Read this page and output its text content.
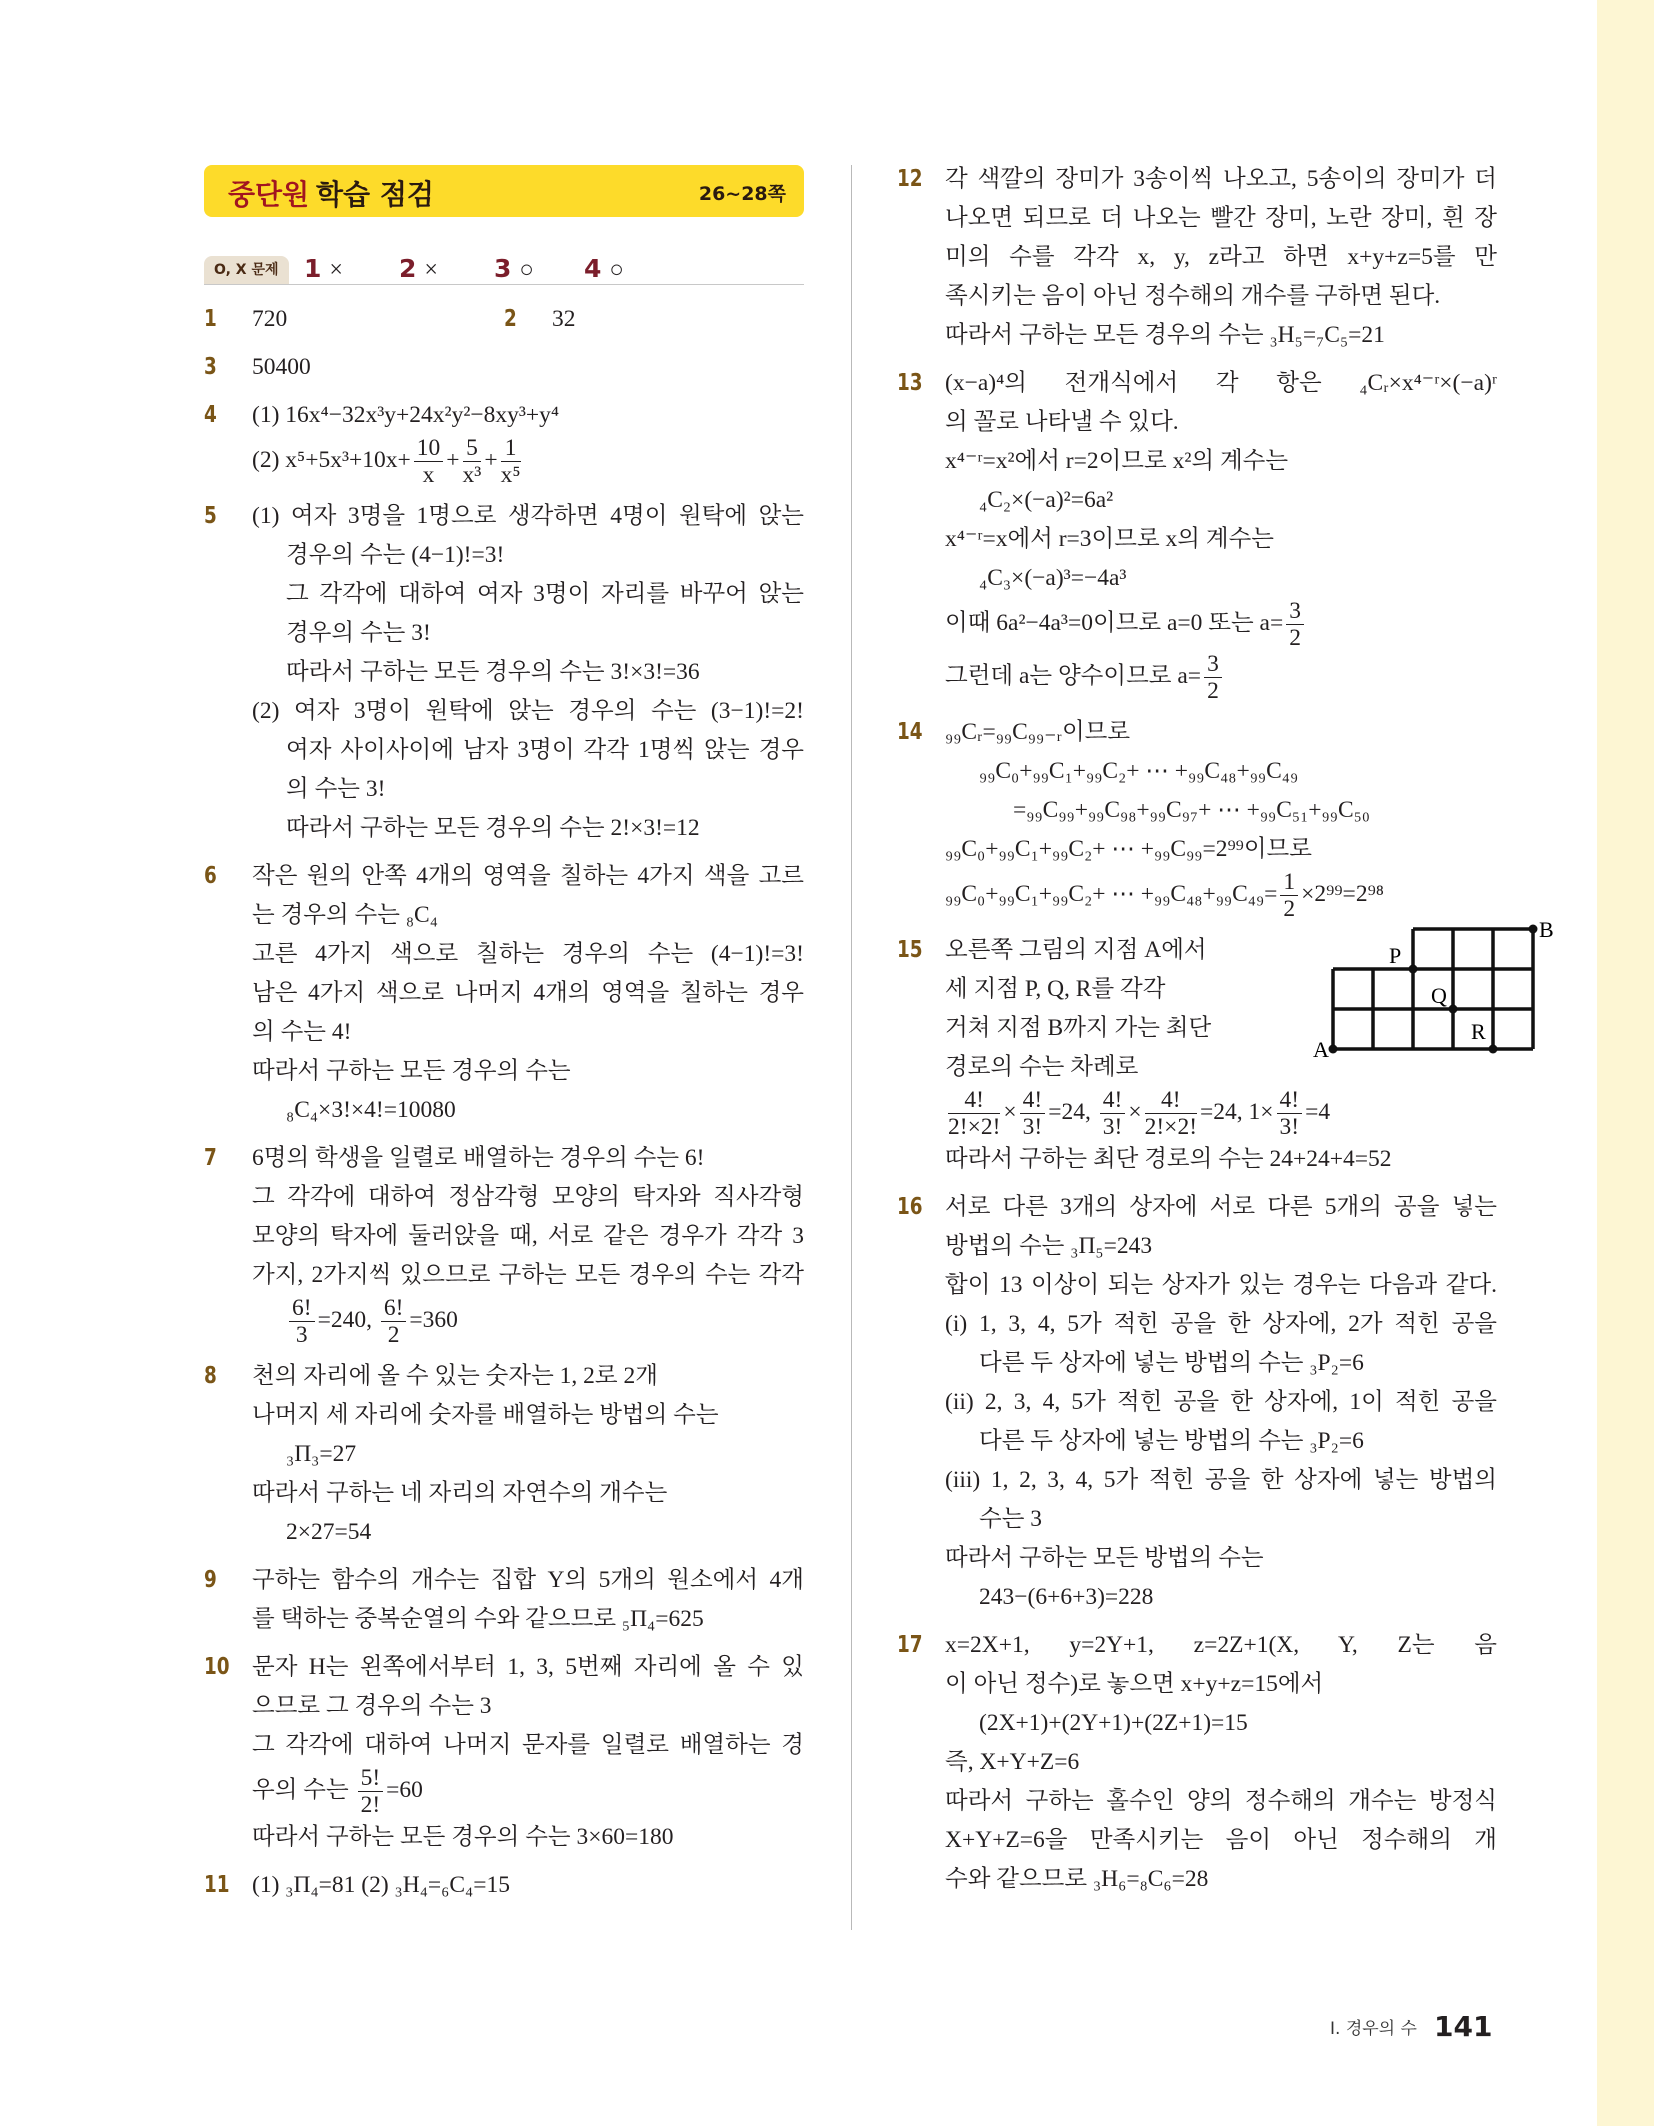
중단원 학습 점검	26~28쪽
O, X 문제	1 × 2 × 3 ○ 4 ○
1 720	2 32
3 50400
4 (1) 16x⁴−32x³y+24x²y²−8xy³+y⁴
(2) $x^5+5x^3+10x+ \frac{10}{x} + \frac{5}{\text{x³}} + \frac{1}{\text{x⁵}}$
5 (1) 여자 3명을 1명으로 생각하면 4명이 원탁에 앉는
경우의 수는 (4−1)!=3!
그 각각에 대하여 여자 3명이 자리를 바꾸어 앉는
경우의 수는 3!
따라서 구하는 모든 경우의 수는 3!×3!=36
(2) 여자 3명이 원탁에 앉는 경우의 수는 (3−1)!=2!
여자 사이사이에 남자 3명이 각각 1명씩 앉는 경우
의 수는 3!
따라서 구하는 모든 경우의 수는 2!×3!=12
6 작은 원의 안쪽 4개의 영역을 칠하는 4가지 색을 고르
는 경우의 수는 ₈C₄
고른 4가지 색으로 칠하는 경우의 수는 (4−1)!=3!
남은 4가지 색으로 나머지 4개의 영역을 칠하는 경우
의 수는 4!
따라서 구하는 모든 경우의 수는
₈C₄×3!×4!=10080
7 6명의 학생을 일렬로 배열하는 경우의 수는 6!
그 각각에 대하여 정삼각형 모양의 탁자와 직사각형
모양의 탁자에 둘러앉을 때, 서로 같은 경우가 각각 3
가지, 2가지씩 있으므로 구하는 모든 경우의 수는 각각
$\frac{6!}{3} =240$, $\frac{6!}{2} =360$
8 천의 자리에 올 수 있는 숫자는 1, 2로 2개
나머지 세 자리에 숫자를 배열하는 방법의 수는
₃Π₃=27
따라서 구하는 네 자리의 자연수의 개수는
2×27=54
9 구하는 함수의 개수는 집합 Y의 5개의 원소에서 4개
를 택하는 중복순열의 수와 같으므로 ₅Π₄=625
10 문자 H는 왼쪽에서부터 1, 3, 5번째 자리에 올 수 있
으므로 그 경우의 수는 3
그 각각에 대하여 나머지 문자를 일렬로 배열하는 경
우의 수는 $\frac{5!}{2!} =60$
따라서 구하는 모든 경우의 수는 3×60=180
11 (1) ₃Π₄=81 (2) ₃H₄=₆C₄=15
12 각 색깔의 장미가 3송이씩 나오고, 5송이의 장미가 더
나오면 되므로 더 나오는 빨간 장미, 노란 장미, 흰 장
미의 수를 각각 x, y, z라고 하면 x+y+z=5를 만
족시키는 음이 아닌 정수해의 개수를 구하면 된다.
따라서 구하는 모든 경우의 수는 ₃H₅=₇C₅=21
13 (x−a)⁴의 전개식에서 각 항은 ₄Cᵣ×x⁴⁻ʳ×(−a)ʳ
의 꼴로 나타낼 수 있다.
x⁴⁻ʳ=x²에서 r=2이므로 x²의 계수는
₄C₂×(−a)²=6a²
x⁴⁻ʳ=x에서 r=3이므로 x의 계수는
₄C₃×(−a)³=−4a³
이때 6a²−4a³=0이므로 a=0 또는 $a= \frac{3}{2}$
그런데 a는 양수이므로 $a= \frac{3}{2}$
14 ₉₉Cᵣ=₉₉C₉₉₋ᵣ이므로
₉₉C₀+₉₉C₁+₉₉C₂+ ⋯ +₉₉C₄₈+₉₉C₄₉
=₉₉C₉₉+₉₉C₉₈+₉₉C₉₇+ ⋯ +₉₉C₅₁+₉₉C₅₀
₉₉C₀+₉₉C₁+₉₉C₂+ ⋯ +₉₉C₉₉=2⁹⁹이므로
₉₉C₀+₉₉C₁+₉₉C₂+ ⋯ $+_{99}C_{48}+_{99}C_{49}= \frac{1}{2} \times 2^{99}=2^{98}$
15 오른쪽 그림의 지점 A에서
세 지점 P, Q, R를 각각
거쳐 지점 B까지 가는 최단
경로의 수는 차례로
$\frac{4!}{2!\times 2!} \times \frac{4!}{3!} =24$, $\frac{4!}{3!} \times \frac{4!}{2!\times 2!} =24$, $1\times \frac{4!}{3!} =4$
따라서 구하는 최단 경로의 수는 24+24+4=52
A
B
P
Q
R
16 서로 다른 3개의 상자에 서로 다른 5개의 공을 넣는
방법의 수는 ₃Π₅=243
합이 13 이상이 되는 상자가 있는 경우는 다음과 같다.
(i) 1, 3, 4, 5가 적힌 공을 한 상자에, 2가 적힌 공을
다른 두 상자에 넣는 방법의 수는 ₃P₂=6
(ii) 2, 3, 4, 5가 적힌 공을 한 상자에, 1이 적힌 공을
다른 두 상자에 넣는 방법의 수는 ₃P₂=6
(iii) 1, 2, 3, 4, 5가 적힌 공을 한 상자에 넣는 방법의
수는 3
따라서 구하는 모든 방법의 수는
243−(6+6+3)=228
17 x=2X+1, y=2Y+1, z=2Z+1(X, Y, Z는 음
이 아닌 정수)로 놓으면 x+y+z=15에서
(2X+1)+(2Y+1)+(2Z+1)=15
즉, X+Y+Z=6
따라서 구하는 홀수인 양의 정수해의 개수는 방정식
X+Y+Z=6을 만족시키는 음이 아닌 정수해의 개
수와 같으므로 ₃H₆=₈C₆=28
Ⅰ. 경우의 수 141
